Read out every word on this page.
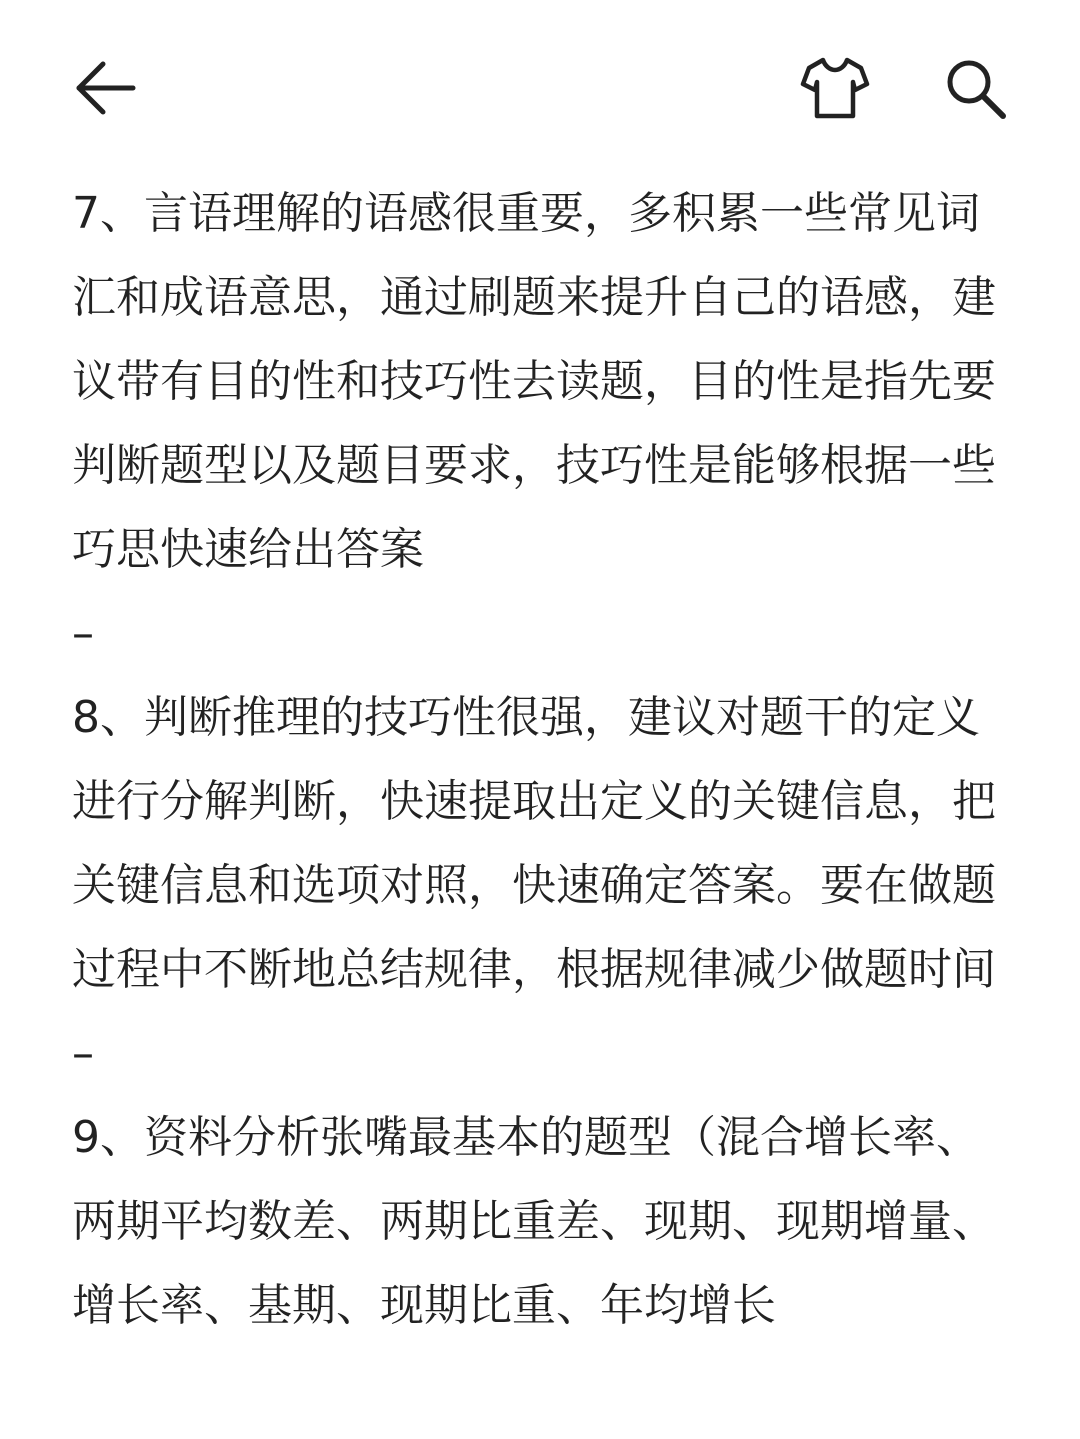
7、言语理解的语感很重要，多积累一些常见词汇和成语意思，通过刷题来提升自己的语感，建议带有目的性和技巧性去读题，目的性是指先要判断题型以及题目要求，技巧性是能够根据一些巧思快速给出答案

–

8、判断推理的技巧性很强，建议对题干的定义进行分解判断，快速提取出定义的关键信息，把关键信息和选项对照，快速确定答案。要在做题过程中不断地总结规律，根据规律减少做题时间

–

9、资料分析张嘴最基本的题型（混合增长率、两期平均数差、两期比重差、现期、现期增量、增长率、基期、现期比重、年均增长
